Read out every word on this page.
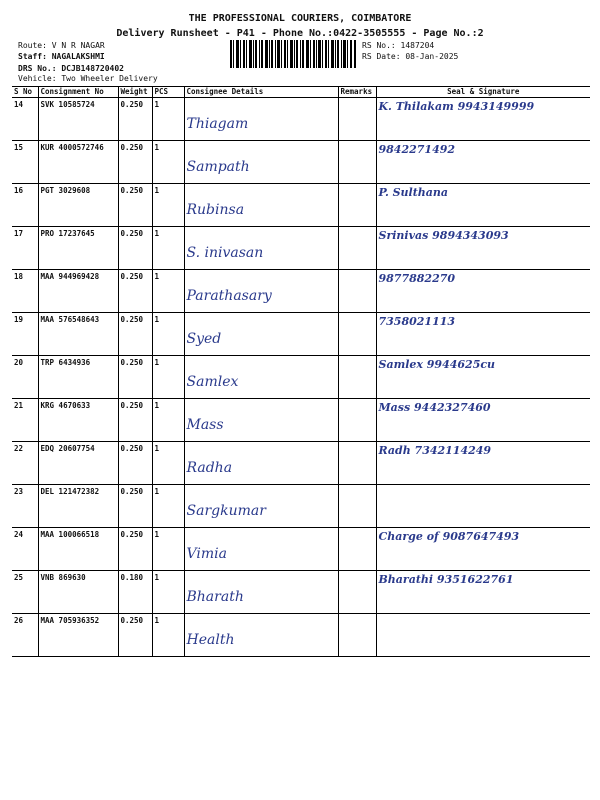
THE PROFESSIONAL COURIERS, COIMBATORE
Delivery Runsheet - P41 - Phone No.:0422-3505555 - Page No.:2
Route: V N R NAGAR
Staff: NAGALAKSHMI
DRS No.: DCJB148720402
Vehicle: Two Wheeler Delivery
RS No.: 1487204
RS Date: 08-Jan-2025
S No	Consignment No	Weight	PCS	Consignee Details	Remarks	Seal & Signature
14	SVK 10585724	0.250	1	Thiagam		K. Thilakam 9943149999
15	KUR 4000572746	0.250	1	Sampath		9842271492
16	PGT 3029608	0.250	1	Rubinsa		P. Sulthana
17	PRO 17237645	0.250	1	S. inivasan		Srinivas 9894343093
18	MAA 944969428	0.250	1	Parathasary		9877882270
19	MAA 576548643	0.250	1	Syed		7358021113
20	TRP 6434936	0.250	1	Samlex		Samlex 9944625cu
21	KRG 4670633	0.250	1	Mass		Mass 9442327460
22	EDQ 20607754	0.250	1	Radha		Radh 7342114249
23	DEL 121472382	0.250	1	Sargkumar		
24	MAA 100066518	0.250	1	Vimia		Charge of 9087647493
25	VNB 869630	0.180	1	Bharath		Bharathi 9351622761
26	MAA 705936352	0.250	1	Health		
